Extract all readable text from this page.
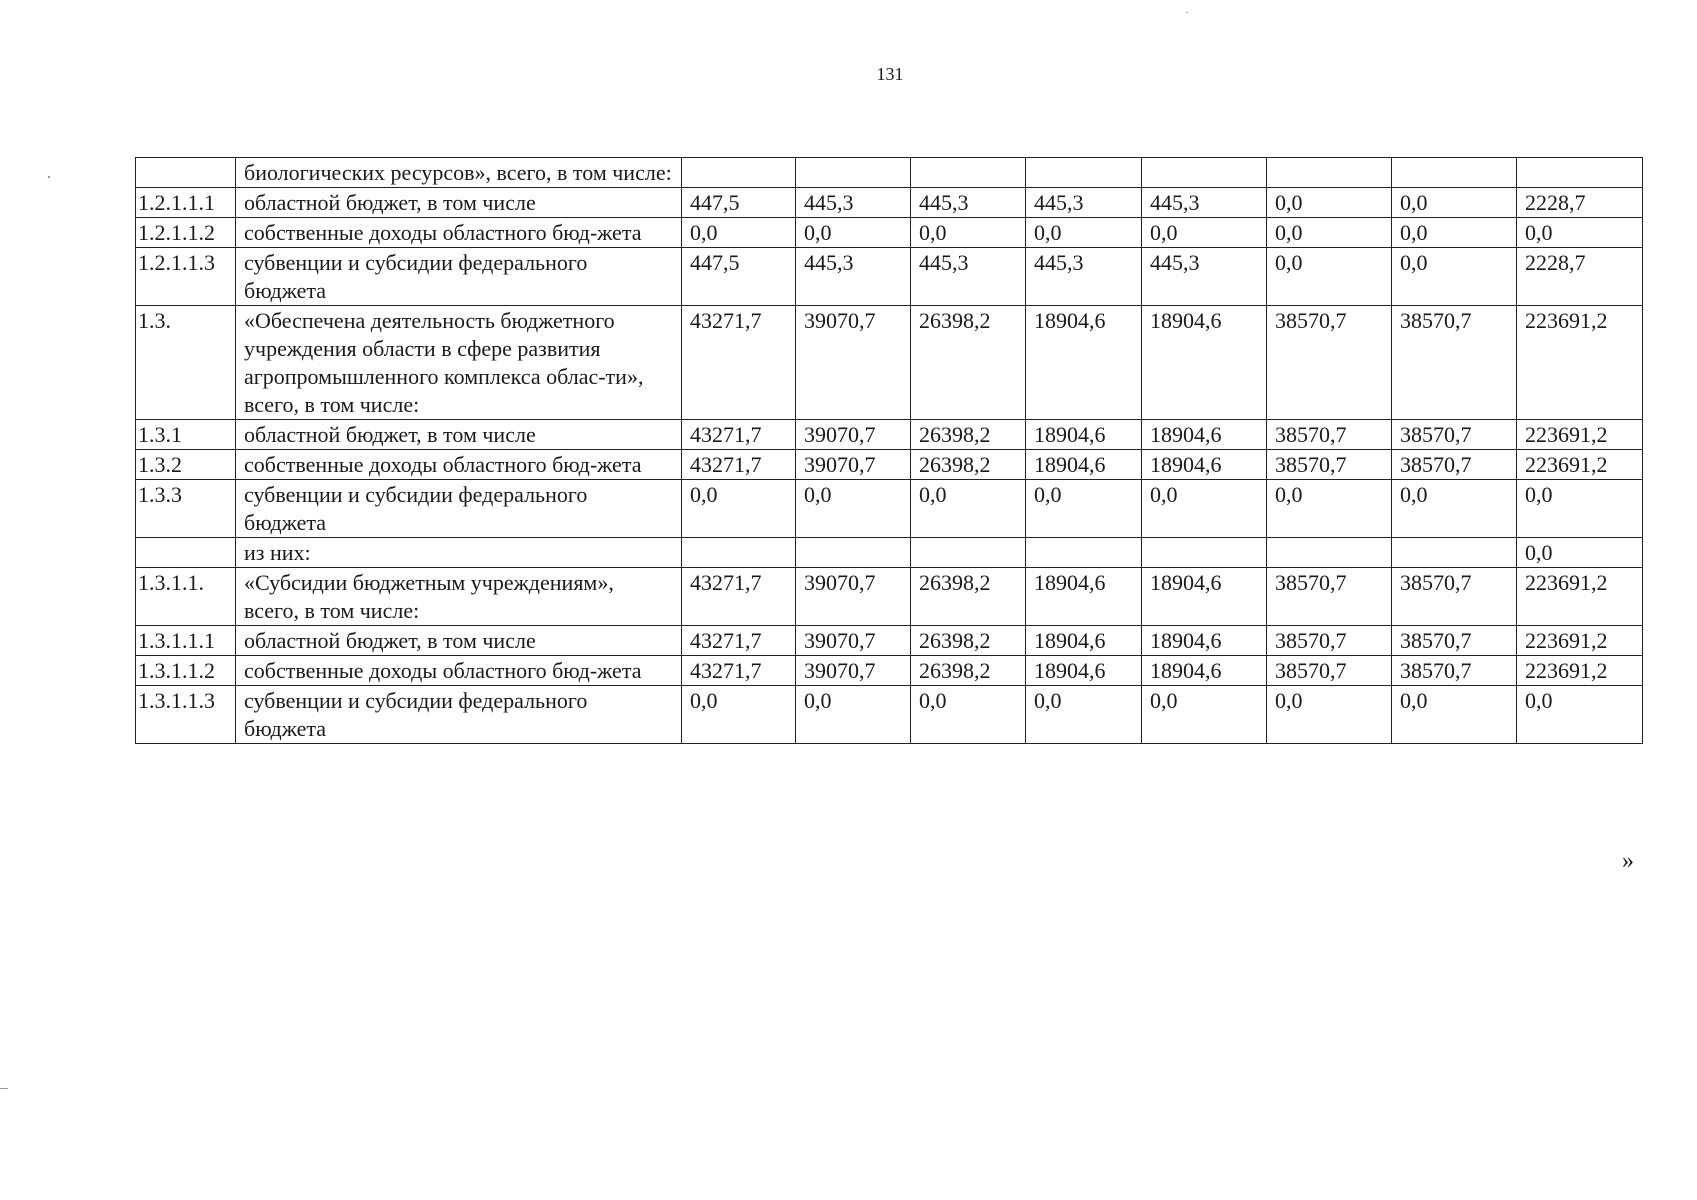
131
	биологических ресурсов», всего, в том числе:								
1.2.1.1.1	областной бюджет, в том числе	447,5	445,3	445,3	445,3	445,3	0,0	0,0	2228,7
1.2.1.1.2	собственные доходы областного бюд-жета	0,0	0,0	0,0	0,0	0,0	0,0	0,0	0,0
1.2.1.1.3	субвенции и субсидии федерального бюджета	447,5	445,3	445,3	445,3	445,3	0,0	0,0	2228,7
1.3.	«Обеспечена деятельность бюджетного учреждения области в сфере развития агропромышленного комплекса облас-ти», всего, в том числе:	43271,7	39070,7	26398,2	18904,6	18904,6	38570,7	38570,7	223691,2
1.3.1	областной бюджет, в том числе	43271,7	39070,7	26398,2	18904,6	18904,6	38570,7	38570,7	223691,2
1.3.2	собственные доходы областного бюд-жета	43271,7	39070,7	26398,2	18904,6	18904,6	38570,7	38570,7	223691,2
1.3.3	субвенции и субсидии федерального бюджета	0,0	0,0	0,0	0,0	0,0	0,0	0,0	0,0
	из них:								0,0
1.3.1.1.	«Субсидии бюджетным учреждениям», всего, в том числе:	43271,7	39070,7	26398,2	18904,6	18904,6	38570,7	38570,7	223691,2
1.3.1.1.1	областной бюджет, в том числе	43271,7	39070,7	26398,2	18904,6	18904,6	38570,7	38570,7	223691,2
1.3.1.1.2	собственные доходы областного бюд-жета	43271,7	39070,7	26398,2	18904,6	18904,6	38570,7	38570,7	223691,2
1.3.1.1.3	субвенции и субсидии федерального бюджета	0,0	0,0	0,0	0,0	0,0	0,0	0,0	0,0
»
